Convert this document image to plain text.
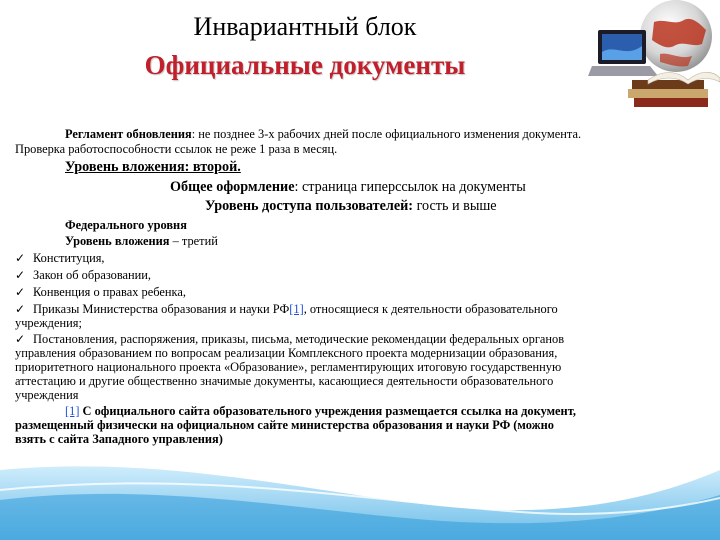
Инвариантный блок
Официальные документы
Регламент обновления: не позднее 3-х рабочих дней после официального изменения документа.
Проверка работоспособности ссылок не реже 1 раза в месяц.
Уровень вложения: второй.
Общее оформление: страница гиперссылок на документы
Уровень доступа пользователей: гость и выше
Федерального уровня
Уровень вложения – третий
✓ Конституция,
✓ Закон об образовании,
✓ Конвенция о правах ребенка,
✓ Приказы Министерства образования и науки РФ[1], относящиеся к деятельности образовательного
учреждения;
✓ Постановления, распоряжения, приказы, письма, методические рекомендации федеральных органов
управления образованием по вопросам реализации Комплексного проекта модернизации образования,
приоритетного национального проекта «Образование», регламентирующих итоговую государственную
аттестацию и другие общественно значимые документы, касающиеся деятельности образовательного
учреждения
[1] С официального сайта образовательного учреждения размещается ссылка на документ,
размещенный физически на официальном сайте министерства образования и науки РФ (можно
взять с сайта Западного управления)
